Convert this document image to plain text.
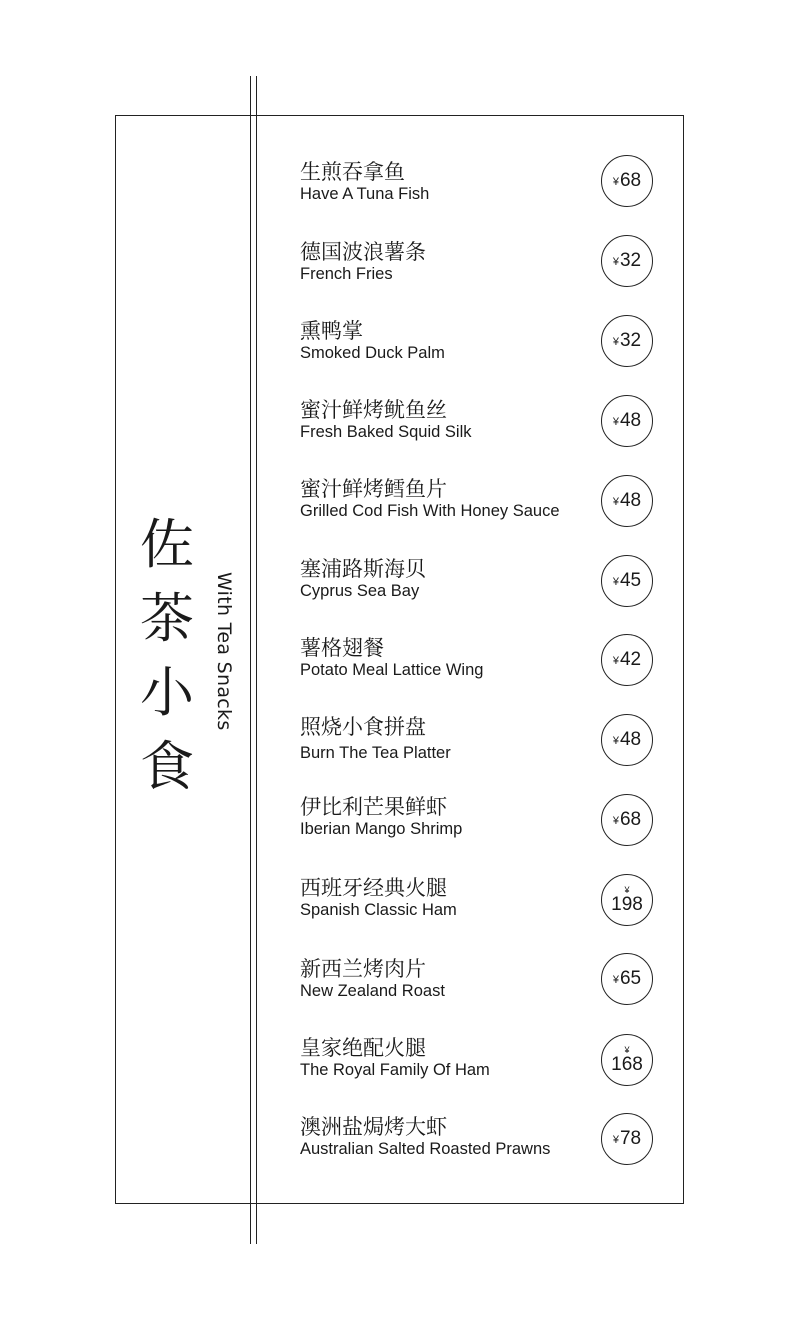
佐
茶
小
食
With Tea Snacks
生煎吞拿鱼
Have A Tuna Fish
¥ 68
德国波浪薯条
French Fries
¥ 32
熏鸭掌
Smoked Duck Palm
¥ 32
蜜汁鲜烤鱿鱼丝
Fresh Baked Squid Silk
¥ 48
蜜汁鲜烤鳕鱼片
Grilled Cod Fish With Honey Sauce
¥ 48
塞浦路斯海贝
Cyprus Sea Bay
¥ 45
薯格翅餐
Potato Meal Lattice Wing
¥ 42
照烧小食拼盘
Burn The Tea Platter
¥ 48
伊比利芒果鲜虾
Iberian Mango Shrimp	¥ 68
西班牙经典火腿
Spanish Classic Ham
¥
198
新西兰烤肉片
New Zealand Roast
¥ 65
皇家绝配火腿
The Royal Family Of Ham
¥
168
澳洲盐焗烤大虾
Australian Salted Roasted Prawns
¥ 78
